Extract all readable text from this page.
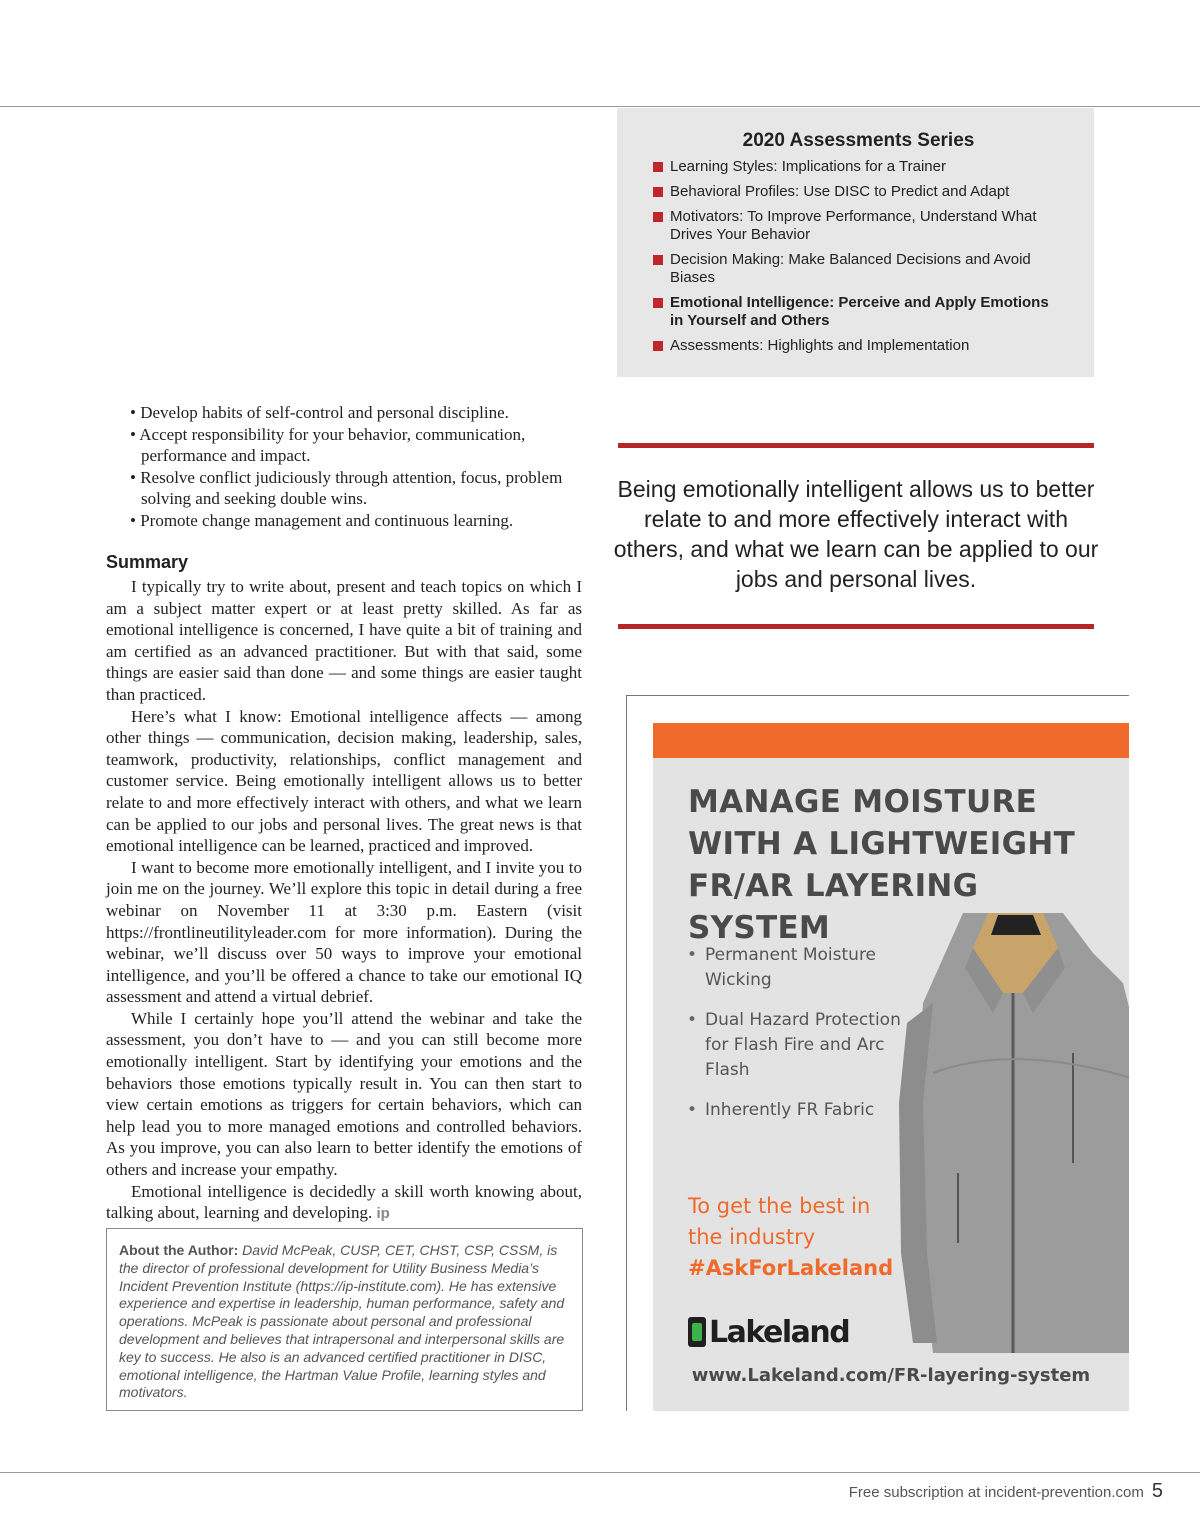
2020 Assessments Series
Learning Styles: Implications for a Trainer
Behavioral Profiles: Use DISC to Predict and Adapt
Motivators: To Improve Performance, Understand What Drives Your Behavior
Decision Making: Make Balanced Decisions and Avoid Biases
Emotional Intelligence: Perceive and Apply Emotions in Yourself and Others
Assessments: Highlights and Implementation
• Develop habits of self-control and personal discipline.
• Accept responsibility for your behavior, communication, performance and impact.
• Resolve conflict judiciously through attention, focus, problem solving and seeking double wins.
• Promote change management and continuous learning.
Summary

I typically try to write about, present and teach topics on which I am a subject matter expert or at least pretty skilled. As far as emotional intelligence is concerned, I have quite a bit of training and am certified as an advanced practitioner. But with that said, some things are easier said than done — and some things are easier taught than practiced.

Here’s what I know: Emotional intelligence affects — among other things — communication, decision making, leadership, sales, teamwork, productivity, relationships, conflict management and customer service. Being emotionally intelligent allows us to better relate to and more effectively interact with others, and what we learn can be applied to our jobs and personal lives. The great news is that emotional intelligence can be learned, practiced and improved.

I want to become more emotionally intelligent, and I invite you to join me on the journey. We’ll explore this topic in detail during a free webinar on November 11 at 3:30 p.m. Eastern (visit https://frontlineutilityleader.com for more information). During the webinar, we’ll discuss over 50 ways to improve your emotional intelligence, and you’ll be offered a chance to take our emotional IQ assessment and attend a virtual debrief.

While I certainly hope you’ll attend the webinar and take the assessment, you don’t have to — and you can still become more emotionally intelligent. Start by identifying your emotions and the behaviors those emotions typically result in. You can then start to view certain emotions as triggers for certain behaviors, which can help lead you to more managed emotions and controlled behaviors. As you improve, you can also learn to better identify the emotions of others and increase your empathy.

Emotional intelligence is decidedly a skill worth knowing about, talking about, learning and developing. ip

About the Author: David McPeak, CUSP, CET, CHST, CSP, CSSM, is the director of professional development for Utility Business Media’s Incident Prevention Institute (https://ip-institute.com). He has extensive experience and expertise in leadership, human performance, safety and operations. McPeak is passionate about personal and professional development and believes that intrapersonal and interpersonal skills are key to success. He also is an advanced certified practitioner in DISC, emotional intelligence, the Hartman Value Profile, learning styles and motivators.
Being emotionally intelligent allows us to better relate to and more effectively interact with others, and what we learn can be applied to our jobs and personal lives.
MANAGE MOISTURE WITH A LIGHTWEIGHT FR/AR LAYERING SYSTEM
• Permanent Moisture Wicking
• Dual Hazard Protection for Flash Fire and Arc Flash
• Inherently FR Fabric
To get the best in the industry
#AskForLakeland
Lakeland
www.Lakeland.com/FR-layering-system
Free subscription at incident-prevention.com 5
